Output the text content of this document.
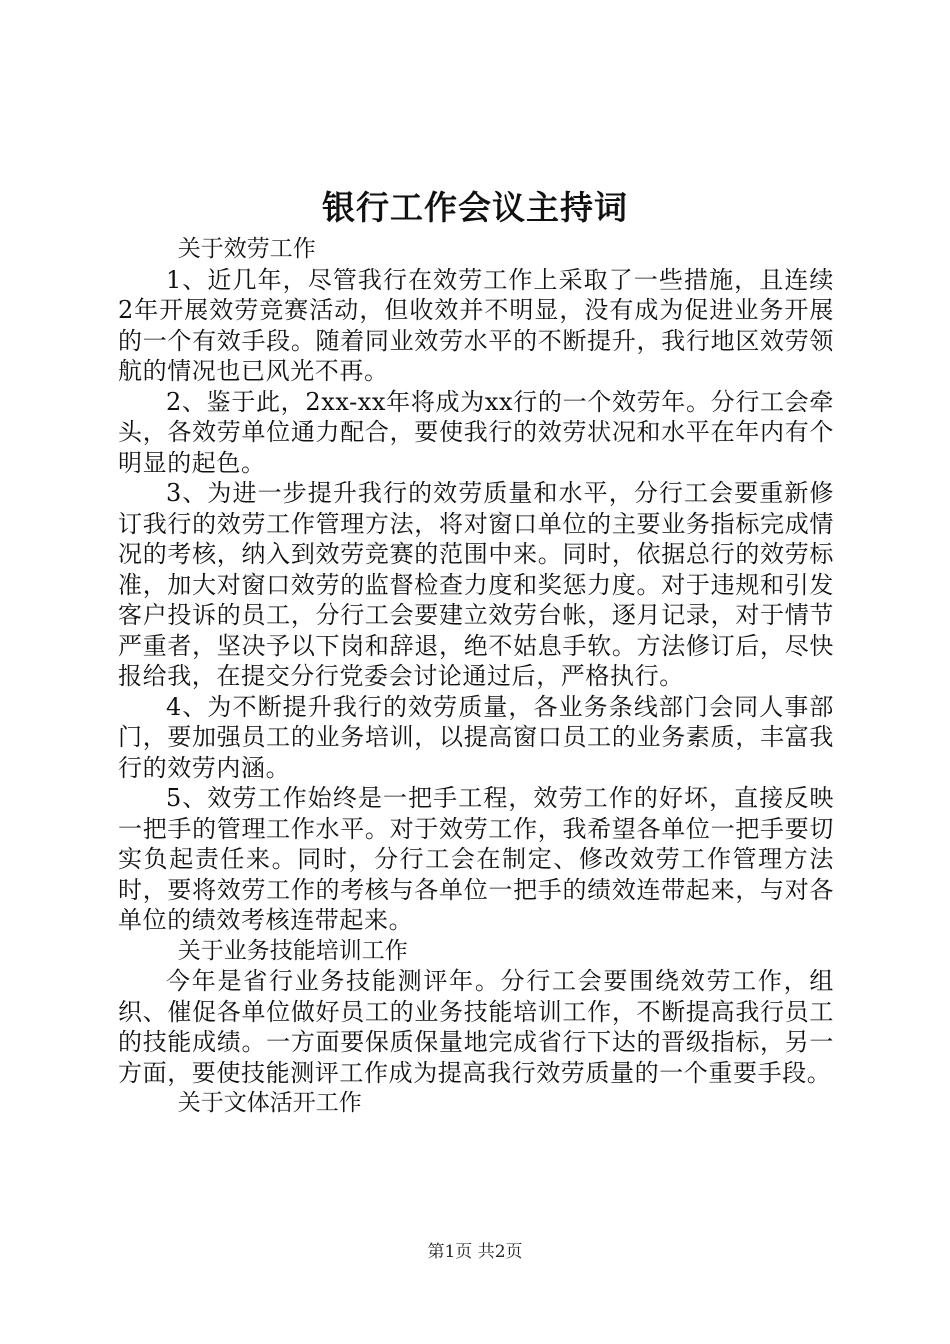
银行工作会议主持词

关于效劳工作

1、近几年，尽管我行在效劳工作上采取了一些措施，且连续2年开展效劳竞赛活动，但收效并不明显，没有成为促进业务开展的一个有效手段。随着同业效劳水平的不断提升，我行地区效劳领航的情况也已风光不再。

2、鉴于此，2xx-xx年将成为xx行的一个效劳年。分行工会牵头，各效劳单位通力配合，要使我行的效劳状况和水平在年内有个明显的起色。

3、为进一步提升我行的效劳质量和水平，分行工会要重新修订我行的效劳工作管理方法，将对窗口单位的主要业务指标完成情况的考核，纳入到效劳竞赛的范围中来。同时，依据总行的效劳标准，加大对窗口效劳的监督检查力度和奖惩力度。对于违规和引发客户投诉的员工，分行工会要建立效劳台帐，逐月记录，对于情节严重者，坚决予以下岗和辞退，绝不姑息手软。方法修订后，尽快报给我，在提交分行党委会讨论通过后，严格执行。

4、为不断提升我行的效劳质量，各业务条线部门会同人事部门，要加强员工的业务培训，以提高窗口员工的业务素质，丰富我行的效劳内涵。

5、效劳工作始终是一把手工程，效劳工作的好坏，直接反映一把手的管理工作水平。对于效劳工作，我希望各单位一把手要切实负起责任来。同时，分行工会在制定、修改效劳工作管理方法时，要将效劳工作的考核与各单位一把手的绩效连带起来，与对各单位的绩效考核连带起来。

关于业务技能培训工作

今年是省行业务技能测评年。分行工会要围绕效劳工作，组织、催促各单位做好员工的业务技能培训工作，不断提高我行员工的技能成绩。一方面要保质保量地完成省行下达的晋级指标，另一方面，要使技能测评工作成为提高我行效劳质量的一个重要手段。

关于文体活开工作

第1页 共2页
